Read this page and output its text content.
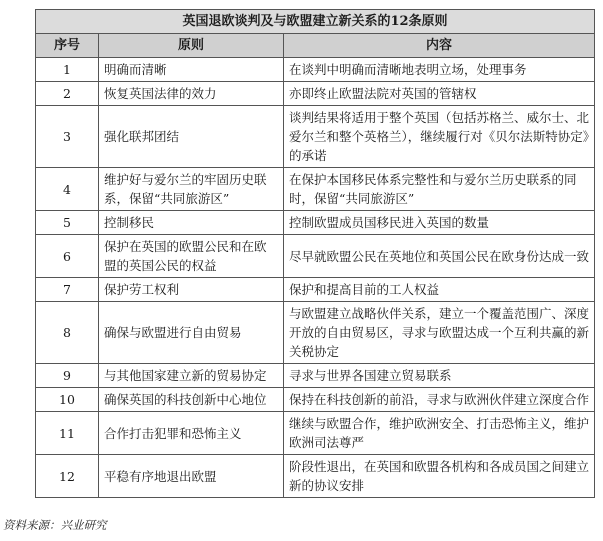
英国退欧谈判及与欧盟建立新关系的12条原则		
序号	原则	内容
1	明确而清晰	在谈判中明确而清晰地表明立场，处理事务
2	恢复英国法律的效力	亦即终止欧盟法院对英国的管辖权
3	强化联邦团结	谈判结果将适用于整个英国（包括苏格兰、威尔士、北爱尔兰和整个英格兰），继续履行对《贝尔法斯特协定》的承诺
4	维护好与爱尔兰的牢固历史联系，保留“共同旅游区”	在保护本国移民体系完整性和与爱尔兰历史联系的同时，保留“共同旅游区”
5	控制移民	控制欧盟成员国移民进入英国的数量
6	保护在英国的欧盟公民和在欧盟的英国公民的权益	尽早就欧盟公民在英地位和英国公民在欧身份达成一致
7	保护劳工权利	保护和提高目前的工人权益
8	确保与欧盟进行自由贸易	与欧盟建立战略伙伴关系，建立一个覆盖范围广、深度开放的自由贸易区，寻求与欧盟达成一个互利共赢的新关税协定
9	与其他国家建立新的贸易协定	寻求与世界各国建立贸易联系
10	确保英国的科技创新中心地位	保持在科技创新的前沿，寻求与欧洲伙伴建立深度合作
11	合作打击犯罪和恐怖主义	继续与欧盟合作，维护欧洲安全、打击恐怖主义，维护欧洲司法尊严
12	平稳有序地退出欧盟	阶段性退出，在英国和欧盟各机构和各成员国之间建立新的协议安排
资料来源：兴业研究
